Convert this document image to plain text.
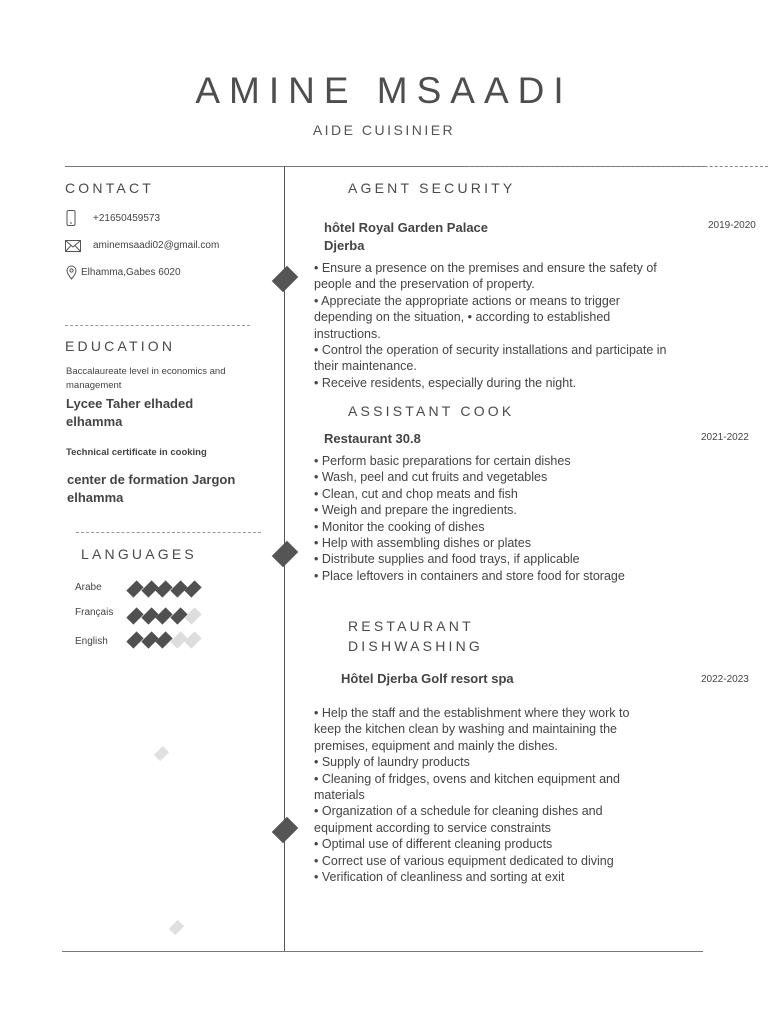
AMINE MSAADI
AIDE CUISINIER
CONTACT
+21650459573
aminemsaadi02@gmail.com
Elhamma,Gabes 6020
EDUCATION
Baccalaureate level in economics and management
Lycee Taher elhaded elhamma
Technical certificate in cooking
center de formation Jargon elhamma
LANGUAGES
Arabe
Français
English
AGENT SECURITY
hôtel Royal Garden Palace
Djerba
2019-2020
• Ensure a presence on the premises and ensure the safety of people and the preservation of property.
• Appreciate the appropriate actions or means to trigger depending on the situation, • according to established instructions.
• Control the operation of security installations and participate in their maintenance.
• Receive residents, especially during the night.
ASSISTANT COOK
Restaurant 30.8	2021-2022
• Perform basic preparations for certain dishes
• Wash, peel and cut fruits and vegetables
• Clean, cut and chop meats and fish
• Weigh and prepare the ingredients.
• Monitor the cooking of dishes
• Help with assembling dishes or plates
• Distribute supplies and food trays, if applicable
• Place leftovers in containers and store food for storage
RESTAURANT
DISHWASHING
Hôtel Djerba Golf resort spa	2022-2023
• Help the staff and the establishment where they work to keep the kitchen clean by washing and maintaining the premises, equipment and mainly the dishes.
• Supply of laundry products
• Cleaning of fridges, ovens and kitchen equipment and materials
• Organization of a schedule for cleaning dishes and equipment according to service constraints
• Optimal use of different cleaning products
• Correct use of various equipment dedicated to diving
• Verification of cleanliness and sorting at exit
